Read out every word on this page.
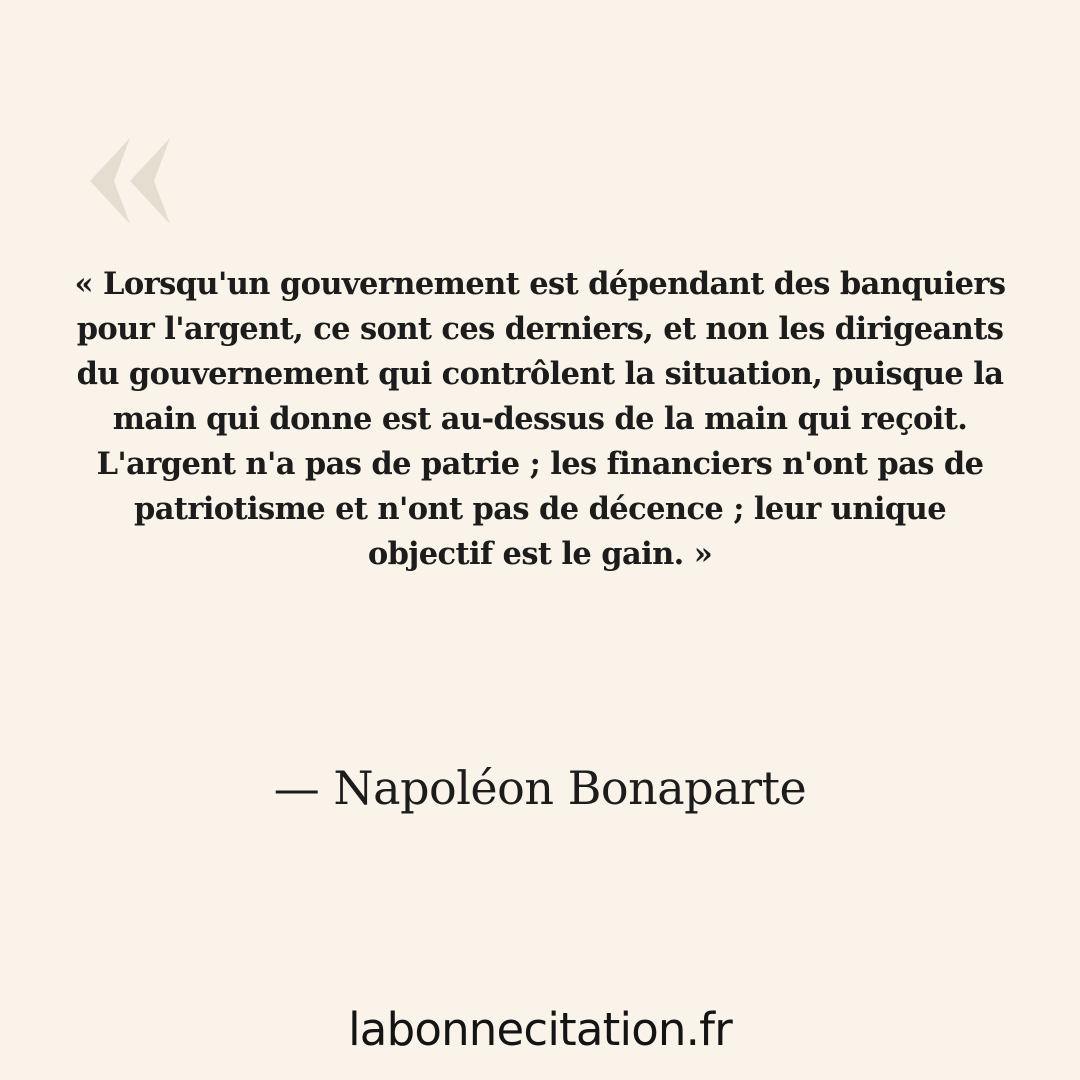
« Lorsqu'un gouvernement est dépendant des banquiers pour l'argent, ce sont ces derniers, et non les dirigeants du gouvernement qui contrôlent la situation, puisque la main qui donne est au-dessus de la main qui reçoit. L'argent n'a pas de patrie ; les financiers n'ont pas de patriotisme et n'ont pas de décence ; leur unique objectif est le gain. »

— Napoléon Bonaparte
labonnecitation.fr
